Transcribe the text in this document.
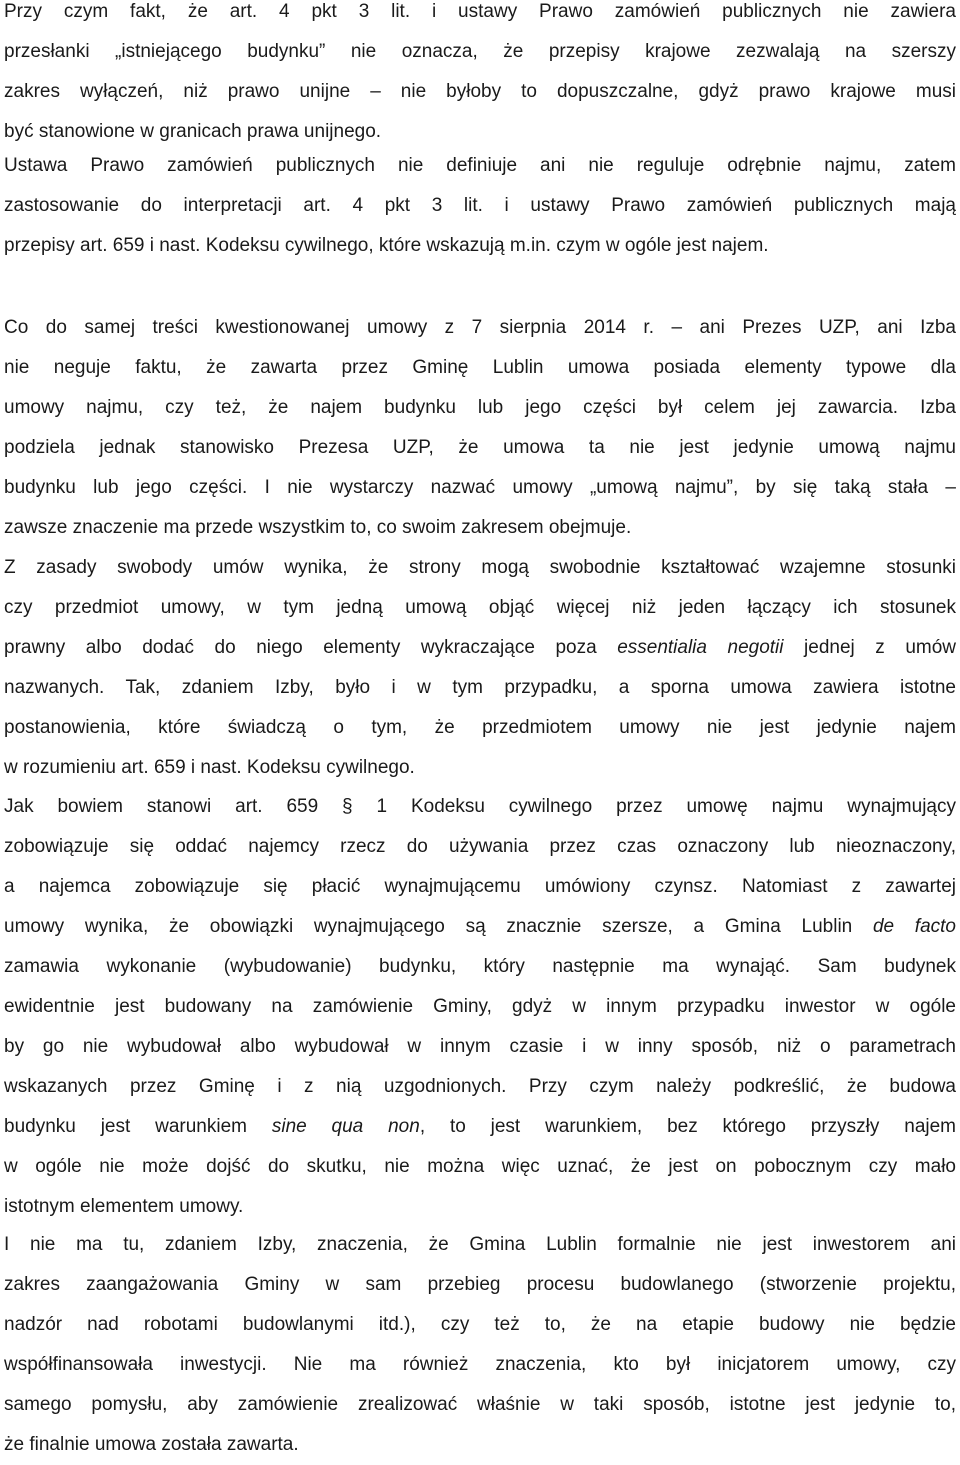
Przy czym fakt, że art. 4 pkt 3 lit. i ustawy Prawo zamówień publicznych nie zawiera
przesłanki „istniejącego budynku” nie oznacza, że przepisy krajowe zezwalają na szerszy
zakres wyłączeń, niż prawo unijne – nie byłoby to dopuszczalne, gdyż prawo krajowe musi
być stanowione w granicach prawa unijnego.
Ustawa Prawo zamówień publicznych nie definiuje ani nie reguluje odrębnie najmu, zatem
zastosowanie do interpretacji art. 4 pkt 3 lit. i ustawy Prawo zamówień publicznych mają
przepisy art. 659 i nast. Kodeksu cywilnego, które wskazują m.in. czym w ogóle jest najem.
Co do samej treści kwestionowanej umowy z 7 sierpnia 2014 r. – ani Prezes UZP, ani Izba
nie neguje faktu, że zawarta przez Gminę Lublin umowa posiada elementy typowe dla
umowy najmu, czy też, że najem budynku lub jego części był celem jej zawarcia. Izba
podziela jednak stanowisko Prezesa UZP, że umowa ta nie jest jedynie umową najmu
budynku lub jego części. I nie wystarczy nazwać umowy „umową najmu”, by się taką stała –
zawsze znaczenie ma przede wszystkim to, co swoim zakresem obejmuje.
Z zasady swobody umów wynika, że strony mogą swobodnie kształtować wzajemne stosunki
czy przedmiot umowy, w tym jedną umową objąć więcej niż jeden łączący ich stosunek
prawny albo dodać do niego elementy wykraczające poza essentialia negotii jednej z umów
nazwanych. Tak, zdaniem Izby, było i w tym przypadku, a sporna umowa zawiera istotne
postanowienia, które świadczą o tym, że przedmiotem umowy nie jest jedynie najem
w rozumieniu art. 659 i nast. Kodeksu cywilnego.
Jak bowiem stanowi art. 659 § 1 Kodeksu cywilnego przez umowę najmu wynajmujący
zobowiązuje się oddać najemcy rzecz do używania przez czas oznaczony lub nieoznaczony,
a najemca zobowiązuje się płacić wynajmującemu umówiony czynsz. Natomiast z zawartej
umowy wynika, że obowiązki wynajmującego są znacznie szersze, a Gmina Lublin de facto
zamawia wykonanie (wybudowanie) budynku, który następnie ma wynająć. Sam budynek
ewidentnie jest budowany na zamówienie Gminy, gdyż w innym przypadku inwestor w ogóle
by go nie wybudował albo wybudował w innym czasie i w inny sposób, niż o parametrach
wskazanych przez Gminę i z nią uzgodnionych. Przy czym należy podkreślić, że budowa
budynku jest warunkiem sine qua non, to jest warunkiem, bez którego przyszły najem
w ogóle nie może dojść do skutku, nie można więc uznać, że jest on pobocznym czy mało
istotnym elementem umowy.
I nie ma tu, zdaniem Izby, znaczenia, że Gmina Lublin formalnie nie jest inwestorem ani
zakres zaangażowania Gminy w sam przebieg procesu budowlanego (stworzenie projektu,
nadzór nad robotami budowlanymi itd.), czy też to, że na etapie budowy nie będzie
współfinansowała inwestycji. Nie ma również znaczenia, kto był inicjatorem umowy, czy
samego pomysłu, aby zamówienie zrealizować właśnie w taki sposób, istotne jest jedynie to,
że finalnie umowa została zawarta.
